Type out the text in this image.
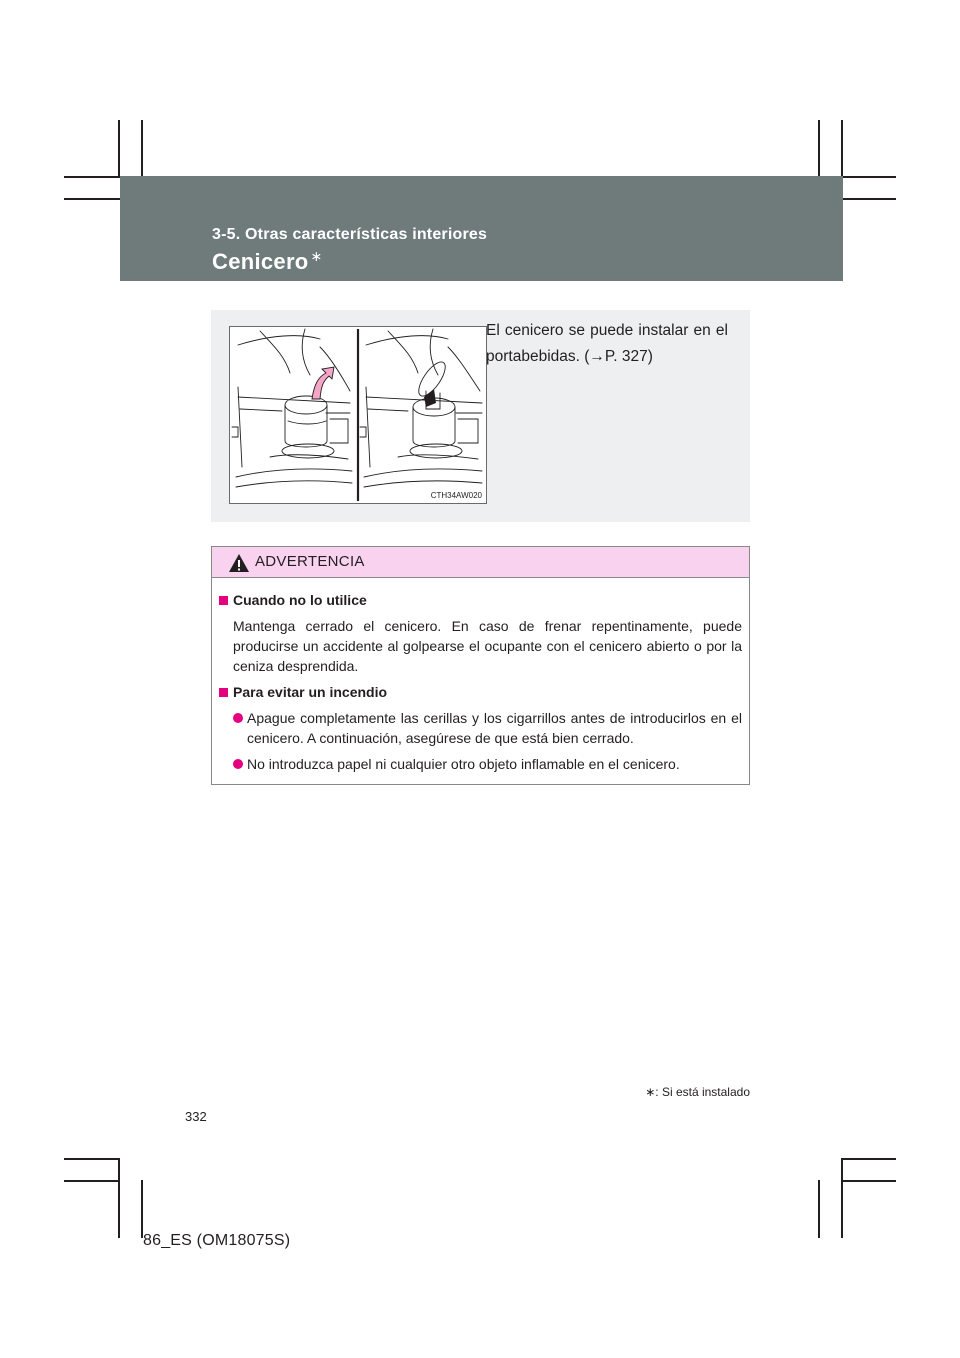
3-5. Otras características interiores
Cenicero ∗
CTH34AW020
El cenicero se puede instalar en el portabebidas. (→P. 327)
ADVERTENCIA

Cuando no lo utilice

Mantenga cerrado el cenicero. En caso de frenar repentinamente, puede producirse un accidente al golpearse el ocupante con el cenicero abierto o por la ceniza desprendida.

Para evitar un incendio

Apague completamente las cerillas y los cigarrillos antes de introducirlos en el cenicero. A continuación, asegúrese de que está bien cerrado.
No introduzca papel ni cualquier otro objeto inflamable en el cenicero.
∗: Si está instalado
332
86_ES (OM18075S)
